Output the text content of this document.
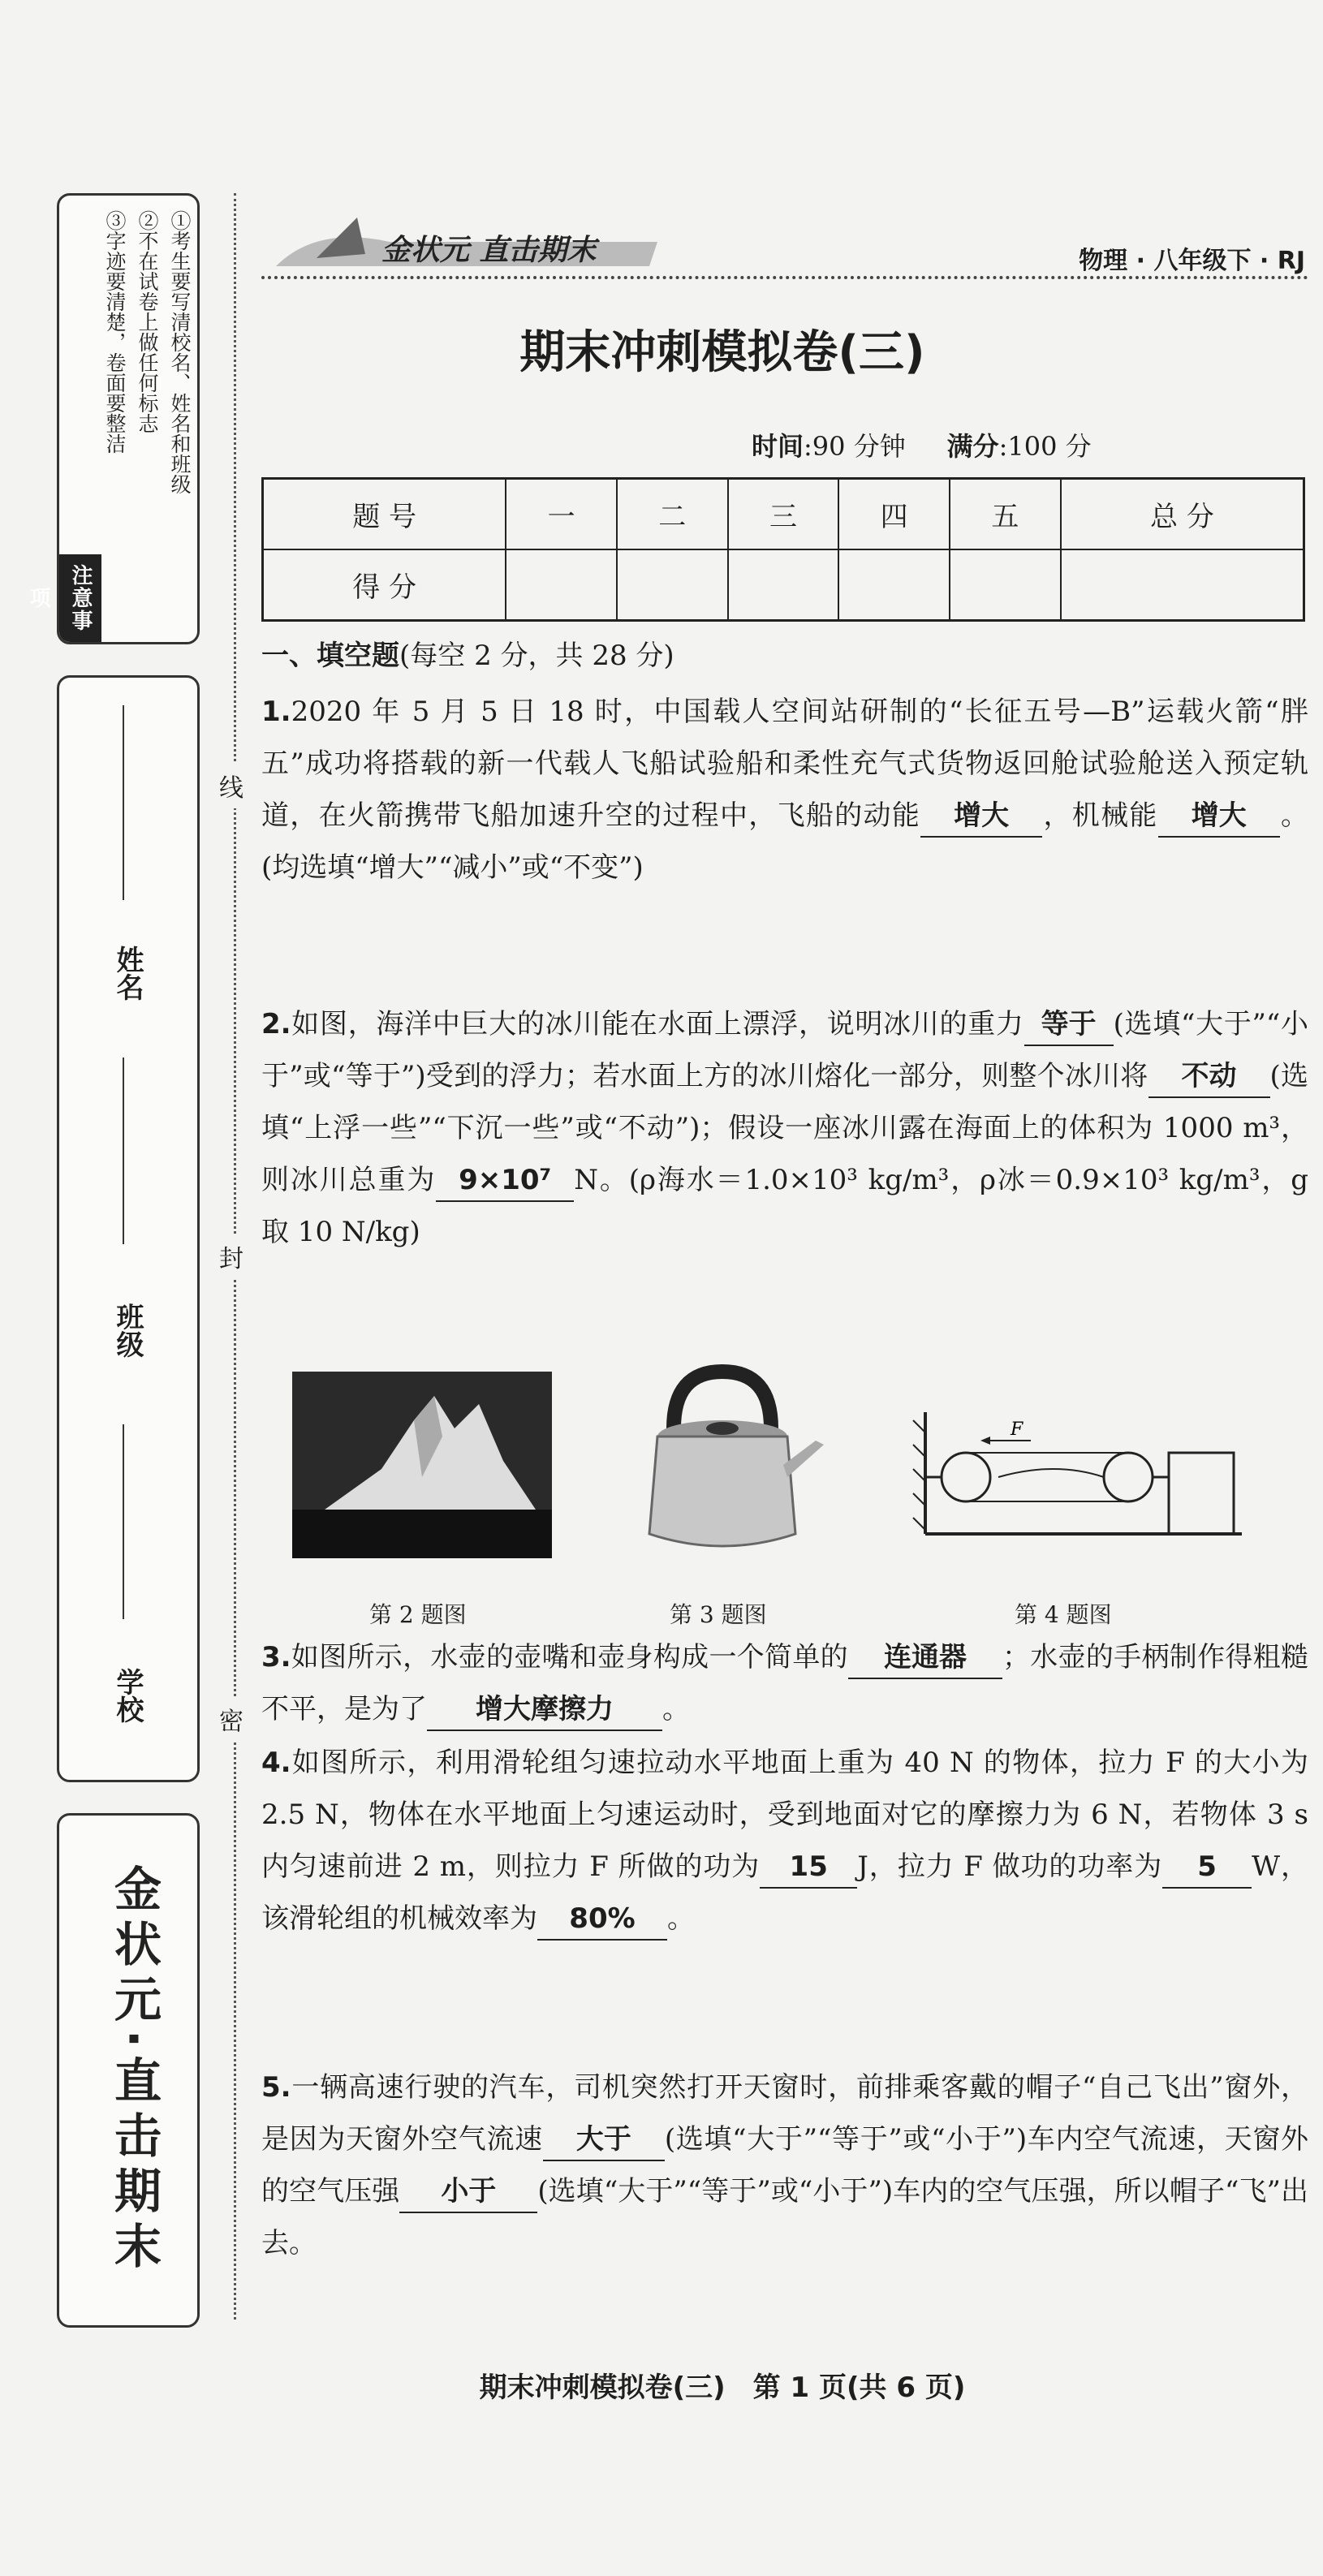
①考生要写清校名、姓名和班级
②不在试卷上做任何标志
③字迹要清楚，卷面要整洁
注意事项
姓名
班级
学校
金状元·直击期末
线
封
密
金状元 直击期末	物理 · 八年级下 · RJ
期末冲刺模拟卷(三)
时间:90 分钟 满分:100 分
题 号	一	二	三	四	五	总 分
得 分						
一、填空题(每空 2 分，共 28 分)
1.2020 年 5 月 5 日 18 时，中国载人空间站研制的“长征五号—B”运载火箭“胖五”成功将搭载的新一代载人飞船试验船和柔性充气式货物返回舱试验舱送入预定轨道，在火箭携带飞船加速升空的过程中，飞船的动能 增大 ，机械能 增大 。(均选填“增大”“减小”或“不变”)
2.如图，海洋中巨大的冰川能在水面上漂浮，说明冰川的重力 等于 (选填“大于”“小于”或“等于”)受到的浮力；若水面上方的冰川熔化一部分，则整个冰川将 不动 (选填“上浮一些”“下沉一些”或“不动”)；假设一座冰川露在海面上的体积为 1000 m³，则冰川总重为 9×10⁷ N。(ρ海水＝1.0×10³ kg/m³，ρ冰＝0.9×10³ kg/m³，g 取 10 N/kg)
F
第 2 题图	第 3 题图	第 4 题图
3.如图所示，水壶的壶嘴和壶身构成一个简单的 连通器 ；水壶的手柄制作得粗糙不平，是为了 增大摩擦力 。
4.如图所示，利用滑轮组匀速拉动水平地面上重为 40 N 的物体，拉力 F 的大小为 2.5 N，物体在水平地面上匀速运动时，受到地面对它的摩擦力为 6 N，若物体 3 s 内匀速前进 2 m，则拉力 F 所做的功为 15 J，拉力 F 做功的功率为 5 W，该滑轮组的机械效率为 80% 。
5.一辆高速行驶的汽车，司机突然打开天窗时，前排乘客戴的帽子“自己飞出”窗外，是因为天窗外空气流速 大于 (选填“大于”“等于”或“小于”)车内空气流速，天窗外的空气压强 小于 (选填“大于”“等于”或“小于”)车内的空气压强，所以帽子“飞”出去。
期末冲刺模拟卷(三)　第 1 页(共 6 页)
